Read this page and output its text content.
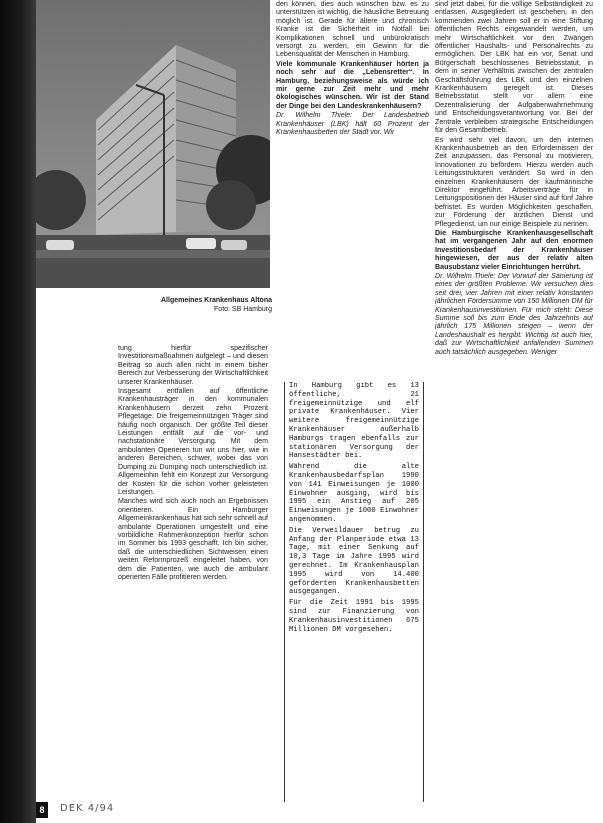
Allgemeines Krankenhaus Altona
Foto: SB Hamburg

tung hierfür spezifischer Investitionsmaßnahmen aufgelegt – und diesen Beitrag so auch allen nicht in einem bisher Bereich zur Verbesserung der Wirtschaftlichkeit unserer Krankenhäuser.

Insgesamt entfallen auf öffentliche Krankenhausträger in den kommunalen Krankenhäusern derzeit zehn Prozent Pflegetage. Die freigemeinnützigen Träger sind häufig noch organisch. Der größte Teil dieser Leistungen entfällt auf die vor- und nachstationäre Versorgung. Mit dem ambulanten Operieren tun wir uns hier, wie in anderen Bereichen, schwer, wobei das von Dumping zu Dumping noch unterschiedlich ist. Allgemeinhin fehlt ein Konzept zur Versorgung der Kosten für die schon vorher geleisteten Leistungen.

Manches wird sich auch noch an Ergebnissen orientieren. Ein Hamburger Allgemeinkrankenhaus hat sich sehr schnell auf ambulante Operationen umgestellt und eine vorbildliche Rahmenkonzeption hierfür schon im Sommer bis 1993 geschafft. Ich bin sicher, daß die unterschiedlichen Sichtweisen einen weiten Reformprozeß eingeleitet haben, von dem die Patienten, wie auch die ambulant operierten Fälle profitieren werden.

den können, dies auch wünschen bzw. es zu unterstützen ist wichtig, die häusliche Betreuung möglich ist. Gerade für ältere und chronisch Kranke ist die Sicherheit im Notfall bei Komplikationen schnell und unbürokratisch versorgt zu werden, ein Gewinn für die Lebensqualität der Menschen in Hamburg.

Viele kommunale Krankenhäuser hörten ja noch sehr auf die „Lebensretter“. In Hamburg, beziehungsweise als würde ich mir gerne zur Zeit mehr und mehr ökologisches wünschen. Wir ist der Stand der Dinge bei den Landeskrankenhäusern?

Dr. Wilhelm Thiele: Der Landesbetrieb Krankenhäuser (LBK) hält 60 Prozent der Krankenhausbetten der Stadt vor. Wir

In Hamburg gibt es 13 öffentliche, 21 freigemeinnützige und elf private Krankenhäuser. Vier weitere freigemeinnützige Krankenhäuser außerhalb Hamburgs tragen ebenfalls zur stationären Versorgung der Hansestädter bei.

Während die alte Krankenhausbedarfsplan 1990 von 141 Einweisungen je 1000 Einwohner ausging, wird bis 1995 ein Anstieg auf 205 Einweisungen je 1000 Einwohner angenommen.

Die Verweildauer betrug zu Anfang der Planperiode etwa 13 Tage, mit einer Senkung auf 10,3 Tage im Jahre 1995 wird gerechnet. Im Krankenhausplan 1995 wird von 14.400 geförderten Krankenhausbetten ausgegangen.

Für die Zeit 1991 bis 1995 sind zur Finanzierung von Krankenhausinvestitionen 675 Millionen DM vorgesehen.

sind jetzt dabei, für die völlige Selbständigkeit zu entlassen. Ausgegliedert ist geschehen, in den kommenden zwei Jahren soll er in eine Stiftung öffentlichen Rechts eingewandelt werden, um mehr Wirtschaftlichkeit vor den Zwängen öffentlicher Haushalts- und Personalrechts zu ermöglichen. Der LBK hat ein vor, Senat und Bürgerschaft beschlossenes Betriebsstatut, in dem in seiner Verhältnis zwischen der zentralen Geschäftsführung des LBK und den einzelnen Krankenhäusern geregelt ist. Dieses Betriebsstatut stellt vor allem eine Dezentralisierung der Aufgabenwahrnehmung und Entscheidungsverantwortung vor. Bei der Zentrale verbleiben strategische Entscheidungen für den Gesamtbetrieb.

Es wird sehr viel davon, um den internen Krankenhausbetrieb an den Erfordernissen der Zeit anzupassen, das Personal zu motivieren, Innovationen zu befördern. Hierzu werden auch Leitungsstrukturen verändert. So wird in den einzelnen Krankenhäusern der kaufmännische Direktor eingeführt. Arbeitsverträge für in Leitungspositionen der Häuser sind auf fünf Jahre befristet. Es wurden Möglichkeiten geschaffen, zur Förderung der ärztlichen Dienst und Pflegedienst, um nur einige Beispiele zu nennen.

Die Hamburgische Krankenhausgesellschaft hat im vergangenen Jahr auf den enormen Investitionsbedarf der Krankenhäuser hingewiesen, der aus der relativ alten Bausubstanz vieler Einrichtungen herrührt.

Dr. Wilhelm Thiele: Der Vorwurf der Sanierung ist eines der größten Probleme. Wir versuchen dies seit drei, vier Jahren mit einer relativ konstanten jährlichen Fördersumme von 150 Millionen DM für Krankenhausinvestitionen. Für mich steht: Diese Summe soll bis zum Ende des Jahrzehnts auf jährlich 175 Millionen steigen – wenn der Landeshaushalt es hergibt. Wichtig ist auch hier, daß zur Wirtschaftlichkeit anfallenden Summen auch tatsächlich ausgegeben. Weniger

8	DEK 4/94
